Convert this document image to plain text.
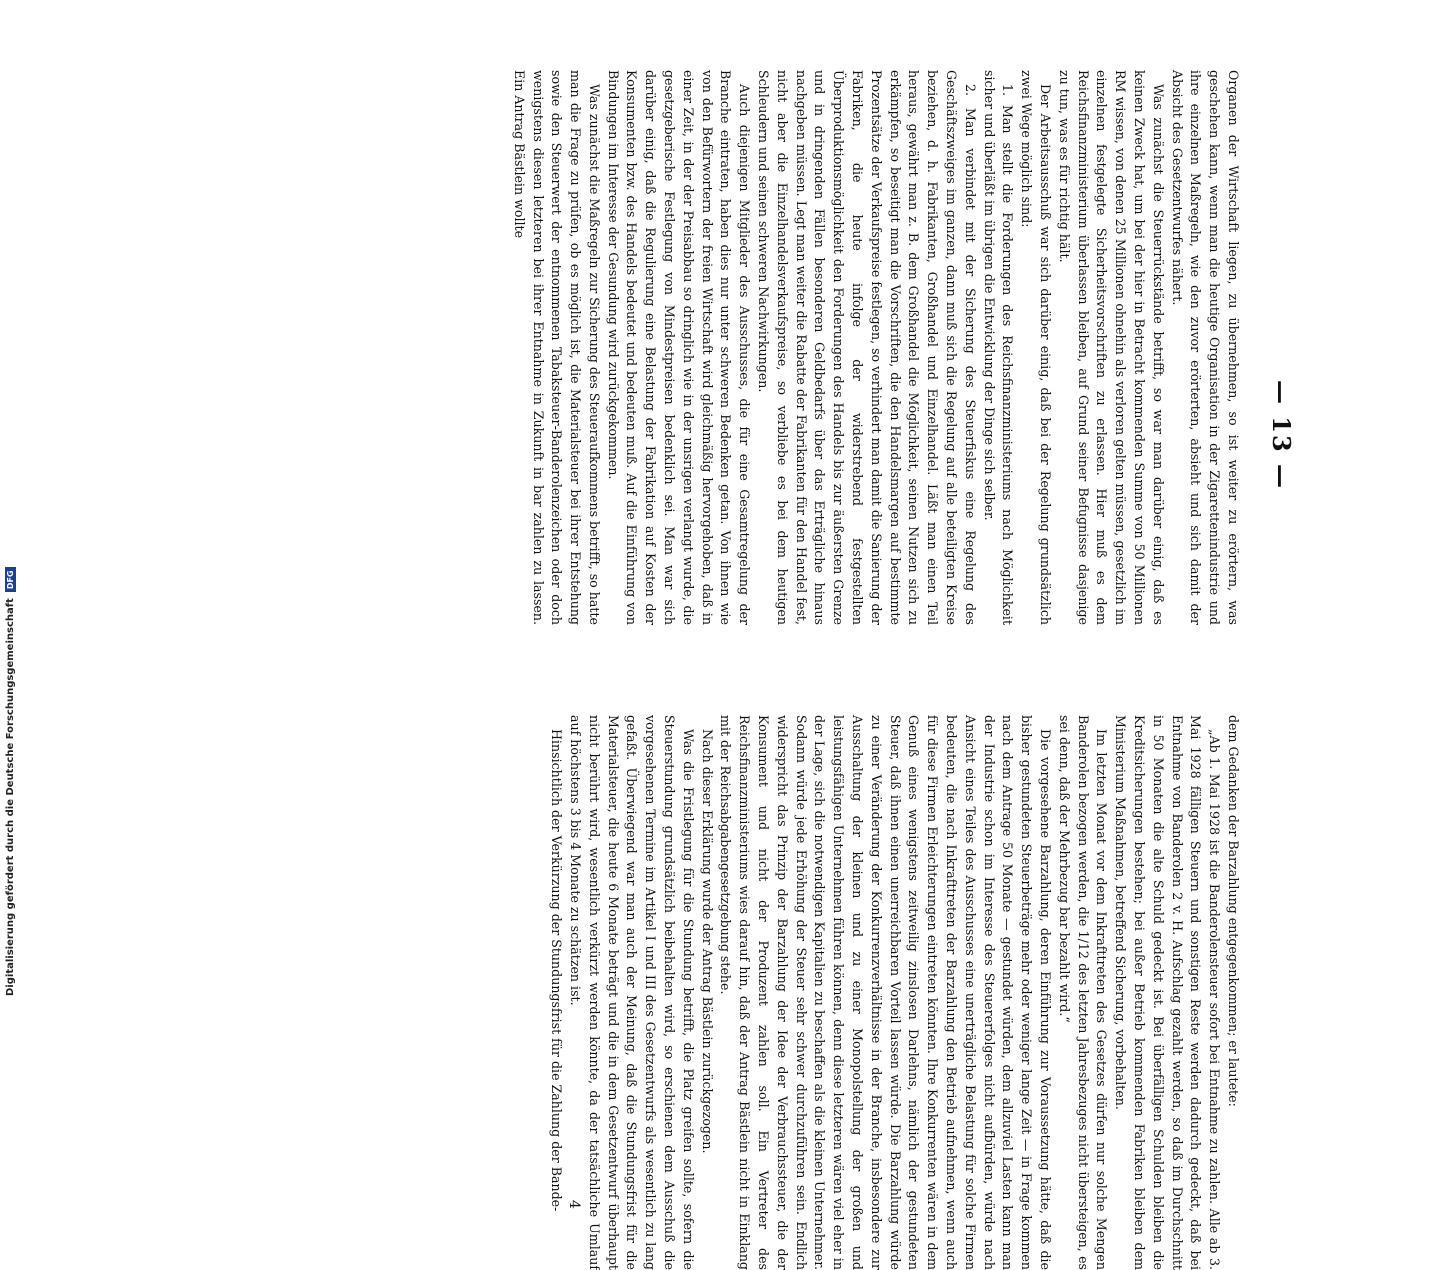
— 13 —

Organen der Wirtschaft liegen, zu übernehmen, so ist weiter zu erörtern, was geschehen kann, wenn man die heutige Organisation in der Zigarettenindustrie und ihre einzelnen Maßregeln, wie den zuvor erörterten, absieht und sich damit der Absicht des Gesetzentwurfes nähert.

Was zunächst die Steuerrückstände betrifft, so war man darüber einig, daß es keinen Zweck hat, um bei der hier in Betracht kommenden Summe von 50 Millionen RM wissen, von denen 25 Millionen ohnehin als verloren gelten müssen, gesetzlich im einzelnen festgelegte Sicherheitsvorschriften zu erlassen. Hier muß es dem Reichsfinanzministerium überlassen bleiben, auf Grund seiner Befugnisse dasjenige zu tun, was es für richtig hält.

Der Arbeitsausschuß war sich darüber einig, daß bei der Regelung grundsätzlich zwei Wege möglich sind:

1. Man stellt die Forderungen des Reichsfinanzministeriums nach Möglichkeit sicher und überläßt im übrigen die Entwicklung der Dinge sich selber.

2. Man verbindet mit der Sicherung des Steuerfiskus eine Regelung des Geschäftszweiges im ganzen, dann muß sich die Regelung auf alle beteiligten Kreise beziehen, d. h. Fabrikanten, Großhandel und Einzelhandel. Läßt man einen Teil heraus, gewährt man z. B. dem Großhandel die Möglichkeit, seinen Nutzen sich zu erkämpfen, so beseitigt man die Vorschriften, die den Handelsmargen auf bestimmte Prozentsätze der Verkaufspreise festlegen, so verhindert man damit die Sanierung der Fabriken, die heute infolge der widerstrebend festgestellten Überproduktionsmöglichkeit den Forderungen des Handels bis zur äußersten Grenze und in dringenden Fällen besonderen Geldbedarfs über das Erträgliche hinaus nachgeben müssen. Legt man weiter die Rabatte der Fabrikanten für den Handel fest, nicht aber die Einzelhandelsverkaufspreise, so verbliebe es bei dem heutigen Schleudern und seinen schweren Nachwirkungen.

Auch diejenigen Mitglieder des Ausschusses, die für eine Gesamtregelung der Branche eintraten, haben dies nur unter schweren Bedenken getan. Von ihnen wie von den Befürwortern der freien Wirtschaft wird gleichmäßig hervorgehoben, daß in einer Zeit, in der der Preisabbau so dringlich wie in der unsrigen verlangt wurde, die gesetzgeberische Festlegung von Mindestpreisen bedenklich sei. Man war sich darüber einig, daß die Regulierung eine Belastung der Fabrikation auf Kosten der Konsumenten bzw. des Handels bedeutet und bedeuten muß. Auf die Einführung von Bindungen im Interesse der Gesundung wird zurückgekommen.

Was zunächst die Maßregeln zur Sicherung des Steueraufkommens betrifft, so hatte man die Frage zu prüfen, ob es möglich ist, die Materialsteuer bei ihrer Entstehung sowie den Steuerwert der entnommenen Tabaksteuer-Banderolenzeichen oder doch wenigstens diesen letzteren bei ihrer Entnahme in Zukunft in bar zahlen zu lassen. Ein Antrag Bästlein wollte

dem Gedanken der Barzahlung entgegenkommen; er lautete:

„Ab 1. Mai 1928 ist die Banderolensteuer sofort bei Entnahme zu zahlen. Alle ab 3. Mai 1928 fälligen Steuern und sonstigen Reste werden dadurch gedeckt, daß bei Entnahme von Banderolen 2 v. H. Aufschlag gezahlt werden, so daß im Durchschnitt in 50 Monaten die alte Schuld gedeckt ist. Bei überfälligen Schulden bleiben die Kreditsicherungen bestehen; bei außer Betrieb kommenden Fabriken bleiben dem Ministerium Maßnahmen, betreffend Sicherung, vorbehalten.

Im letzten Monat vor dem Inkrafttreten des Gesetzes dürfen nur solche Mengen Banderolen bezogen werden, die 1/12 des letzten Jahresbezuges nicht übersteigen, es sei denn, daß der Mehrbezug bar bezahlt wird.“

Die vorgesehene Barzahlung, deren Einführung zur Voraussetzung hätte, daß die bisher gestundeten Steuerbeträge mehr oder weniger lange Zeit — in Frage kommen nach dem Antrage 50 Monate — gestundet würden, dem allzuviel Lasten kann man der Industrie schon im Interesse des Steuererfolges nicht aufbürden, würde nach Ansicht eines Teiles des Ausschusses eine unerträgliche Belastung für solche Firmen bedeuten, die nach Inkrafttreten der Barzahlung den Betrieb aufnehmen, wenn auch für diese Firmen Erleichterungen eintreten könnten. Ihre Konkurrenten wären in dem Genuß eines wenigstens zeitweilig zinslosen Darlehns, nämlich der gestundeten Steuer, daß ihnen einen unerreichbaren Vorteil lassen würde. Die Barzahlung würde zu einer Veränderung der Konkurrenzverhältnisse in der Branche, insbesondere zur Ausschaltung der kleinen und zu einer Monopolstellung der großen und leistungsfähigen Unternehmen führen können, denn diese letzteren wären viel eher in der Lage, sich die notwendigen Kapitalien zu beschaffen als die kleinen Unternehmer. Sodann würde jede Erhöhung der Steuer sehr schwer durchzuführen sein. Endlich widerspricht das Prinzip der Barzahlung der Idee der Verbrauchssteuer, die der Konsument und nicht der Produzent zahlen soll. Ein Vertreter des Reichsfinanzministeriums wies darauf hin, daß der Antrag Bästlein nicht in Einklang mit der Reichsabgabengesetzgebung stehe.

Nach dieser Erklärung wurde der Antrag Bästlein zurückgezogen.

Was die Fristlegung für die Stundung betrifft, die Platz greifen sollte, sofern die Steuerstundung grundsätzlich beibehalten wird, so erschienen dem Ausschuß die vorgesehenen Termine im Artikel I und III des Gesetzentwurfs als wesentlich zu lang gefaßt. Überwiegend war man auch der Meinung, daß die Stundungsfrist für die Materialsteuer, die heute 6 Monate beträgt und die in dem Gesetzentwurf überhaupt nicht berührt wird, wesentlich verkürzt werden könnte, da der tatsächliche Umlauf auf höchstens 3 bis 4 Monate zu schätzen ist.

Hinsichtlich der Verkürzung der Stundungsfrist für die Zahlung der Bande- 4
Digitalisierung gefördert durch die Deutsche Forschungsgemeinschaft
DFG
